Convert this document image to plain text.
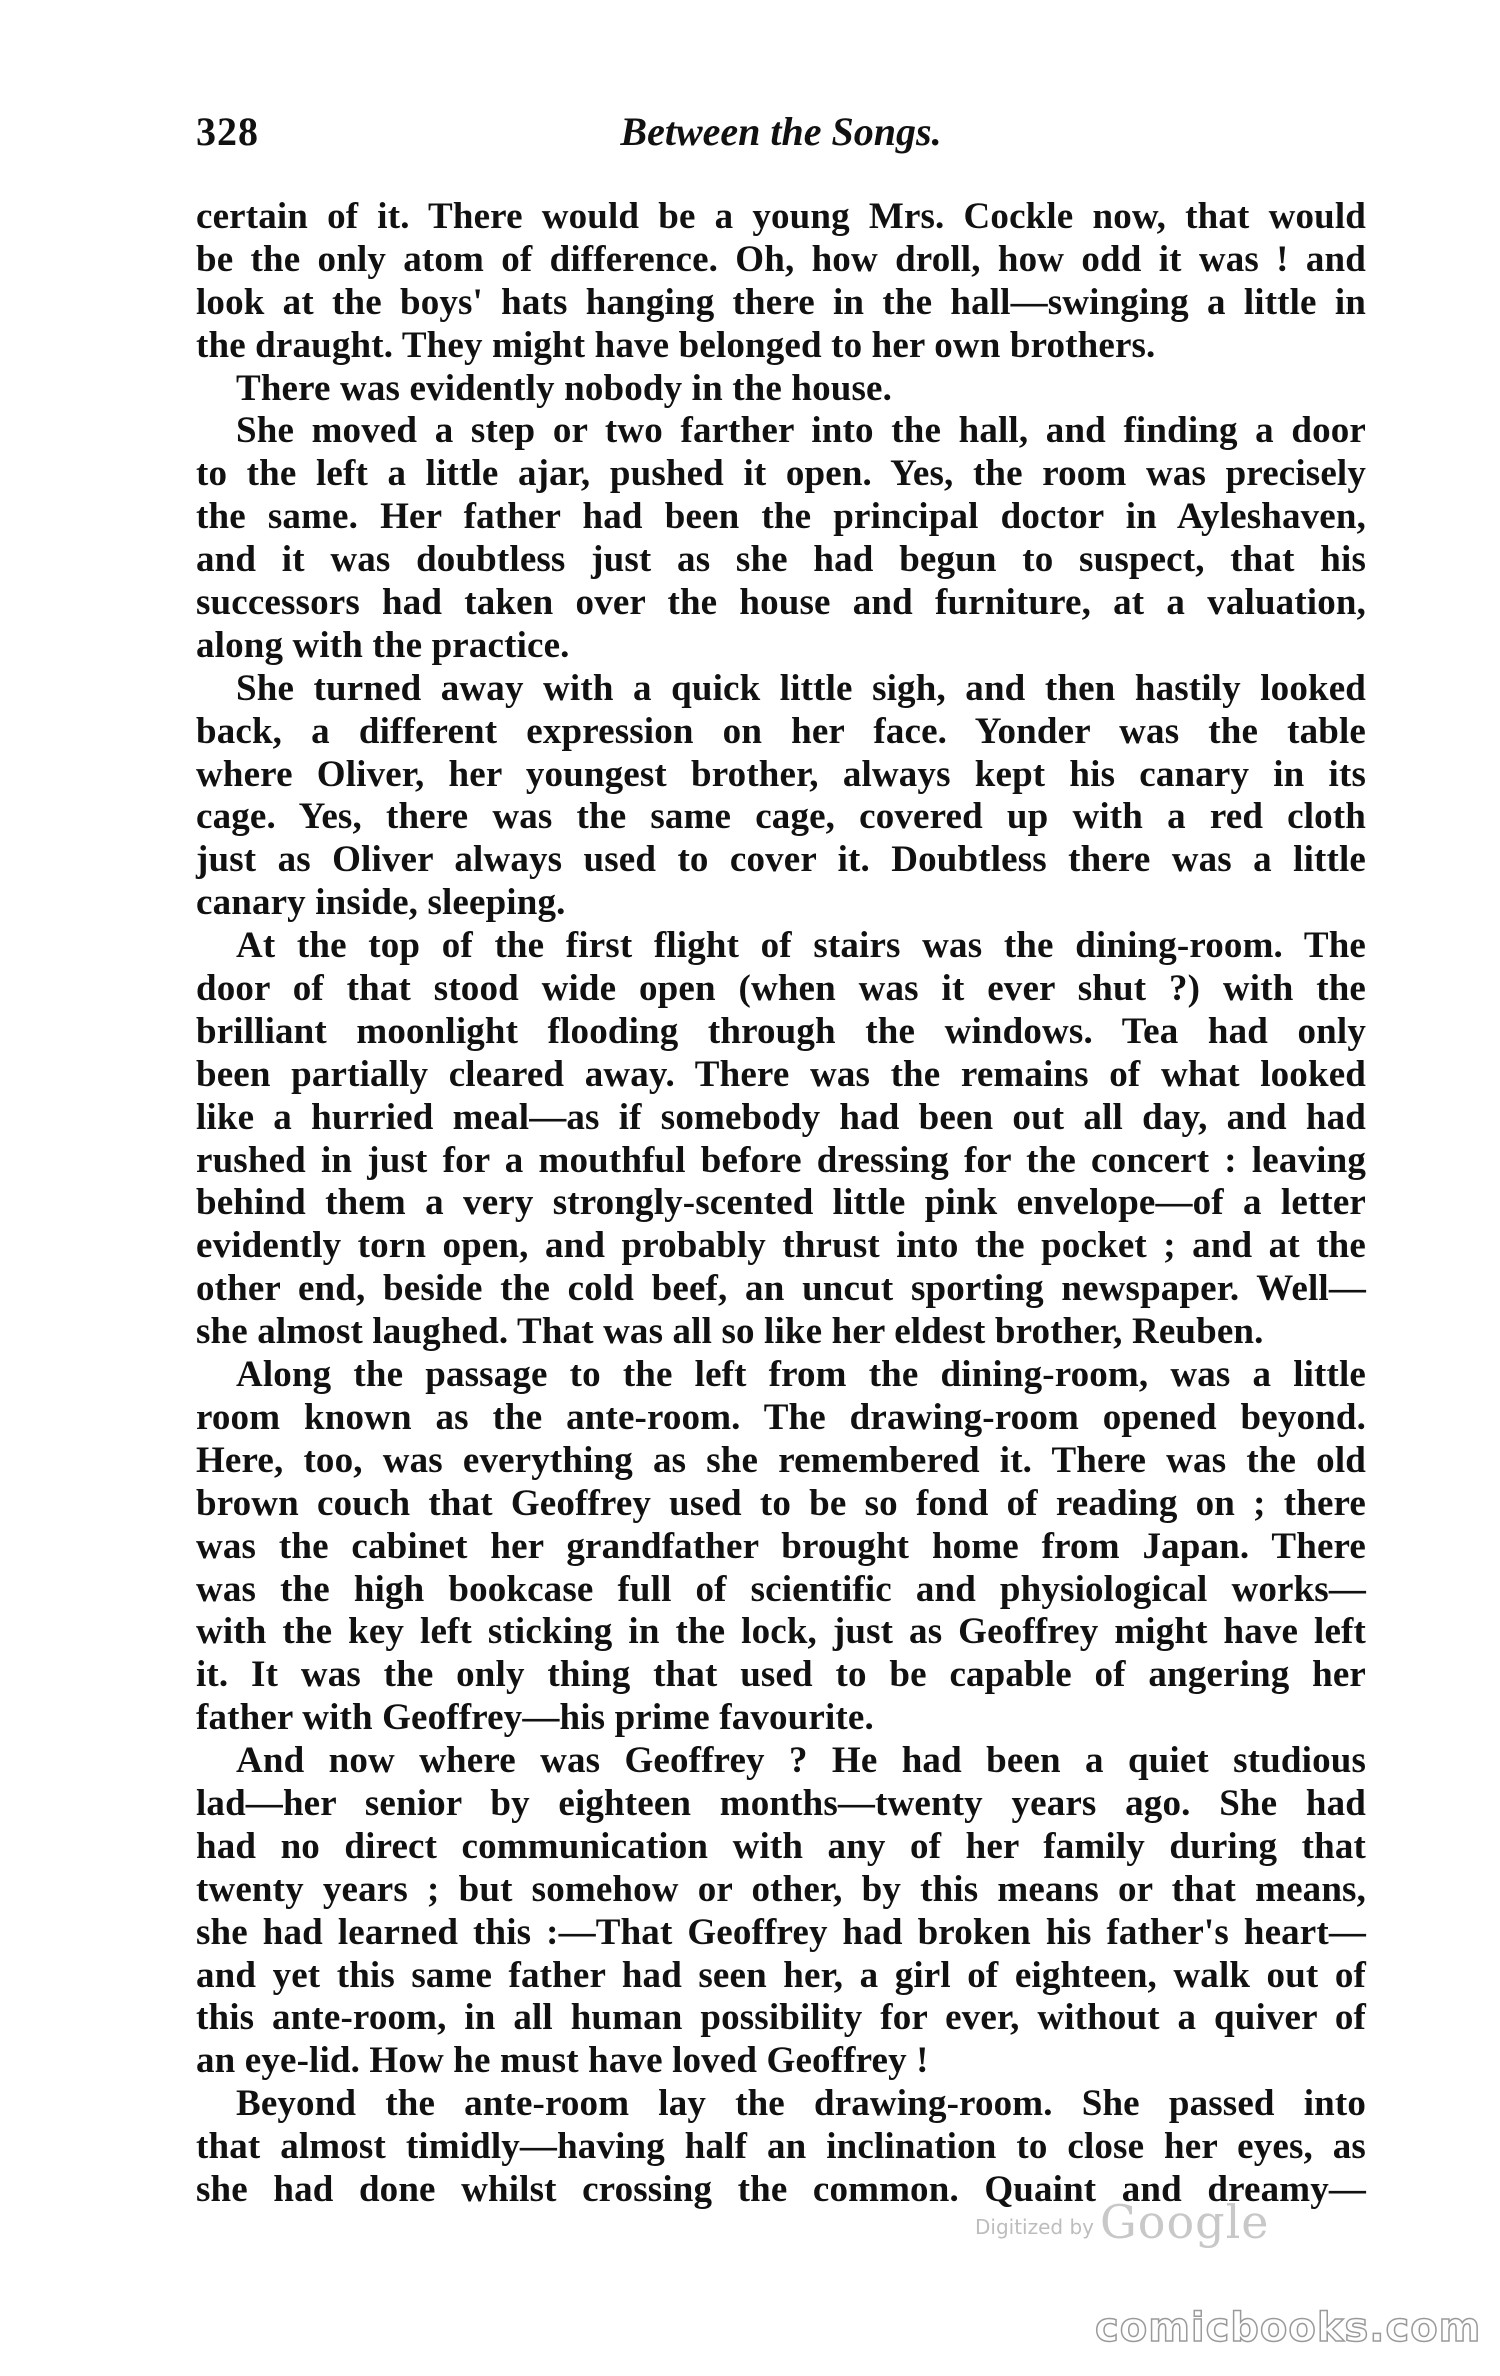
328	Between the Songs.
certain of it. There would be a young Mrs. Cockle now, that would
be the only atom of difference. Oh, how droll, how odd it was ! and
look at the boys' hats hanging there in the hall—swinging a little in
the draught. They might have belonged to her own brothers.
There was evidently nobody in the house.
She moved a step or two farther into the hall, and finding a door
to the left a little ajar, pushed it open. Yes, the room was precisely
the same. Her father had been the principal doctor in Ayleshaven,
and it was doubtless just as she had begun to suspect, that his
successors had taken over the house and furniture, at a valuation,
along with the practice.
She turned away with a quick little sigh, and then hastily looked
back, a different expression on her face. Yonder was the table
where Oliver, her youngest brother, always kept his canary in its
cage. Yes, there was the same cage, covered up with a red cloth
just as Oliver always used to cover it. Doubtless there was a little
canary inside, sleeping.
At the top of the first flight of stairs was the dining-room. The
door of that stood wide open (when was it ever shut ?) with the
brilliant moonlight flooding through the windows. Tea had only
been partially cleared away. There was the remains of what looked
like a hurried meal—as if somebody had been out all day, and had
rushed in just for a mouthful before dressing for the concert : leaving
behind them a very strongly-scented little pink envelope—of a letter
evidently torn open, and probably thrust into the pocket ; and at the
other end, beside the cold beef, an uncut sporting newspaper. Well—
she almost laughed. That was all so like her eldest brother, Reuben.
Along the passage to the left from the dining-room, was a little
room known as the ante-room. The drawing-room opened beyond.
Here, too, was everything as she remembered it. There was the old
brown couch that Geoffrey used to be so fond of reading on ; there
was the cabinet her grandfather brought home from Japan. There
was the high bookcase full of scientific and physiological works—
with the key left sticking in the lock, just as Geoffrey might have left
it. It was the only thing that used to be capable of angering her
father with Geoffrey—his prime favourite.
And now where was Geoffrey ? He had been a quiet studious
lad—her senior by eighteen months—twenty years ago. She had
had no direct communication with any of her family during that
twenty years ; but somehow or other, by this means or that means,
she had learned this :—That Geoffrey had broken his father's heart—
and yet this same father had seen her, a girl of eighteen, walk out of
this ante-room, in all human possibility for ever, without a quiver of
an eye-lid. How he must have loved Geoffrey !
Beyond the ante-room lay the drawing-room. She passed into
that almost timidly—having half an inclination to close her eyes, as
she had done whilst crossing the common. Quaint and dreamy—
Digitized by Google
comicbooks.com
